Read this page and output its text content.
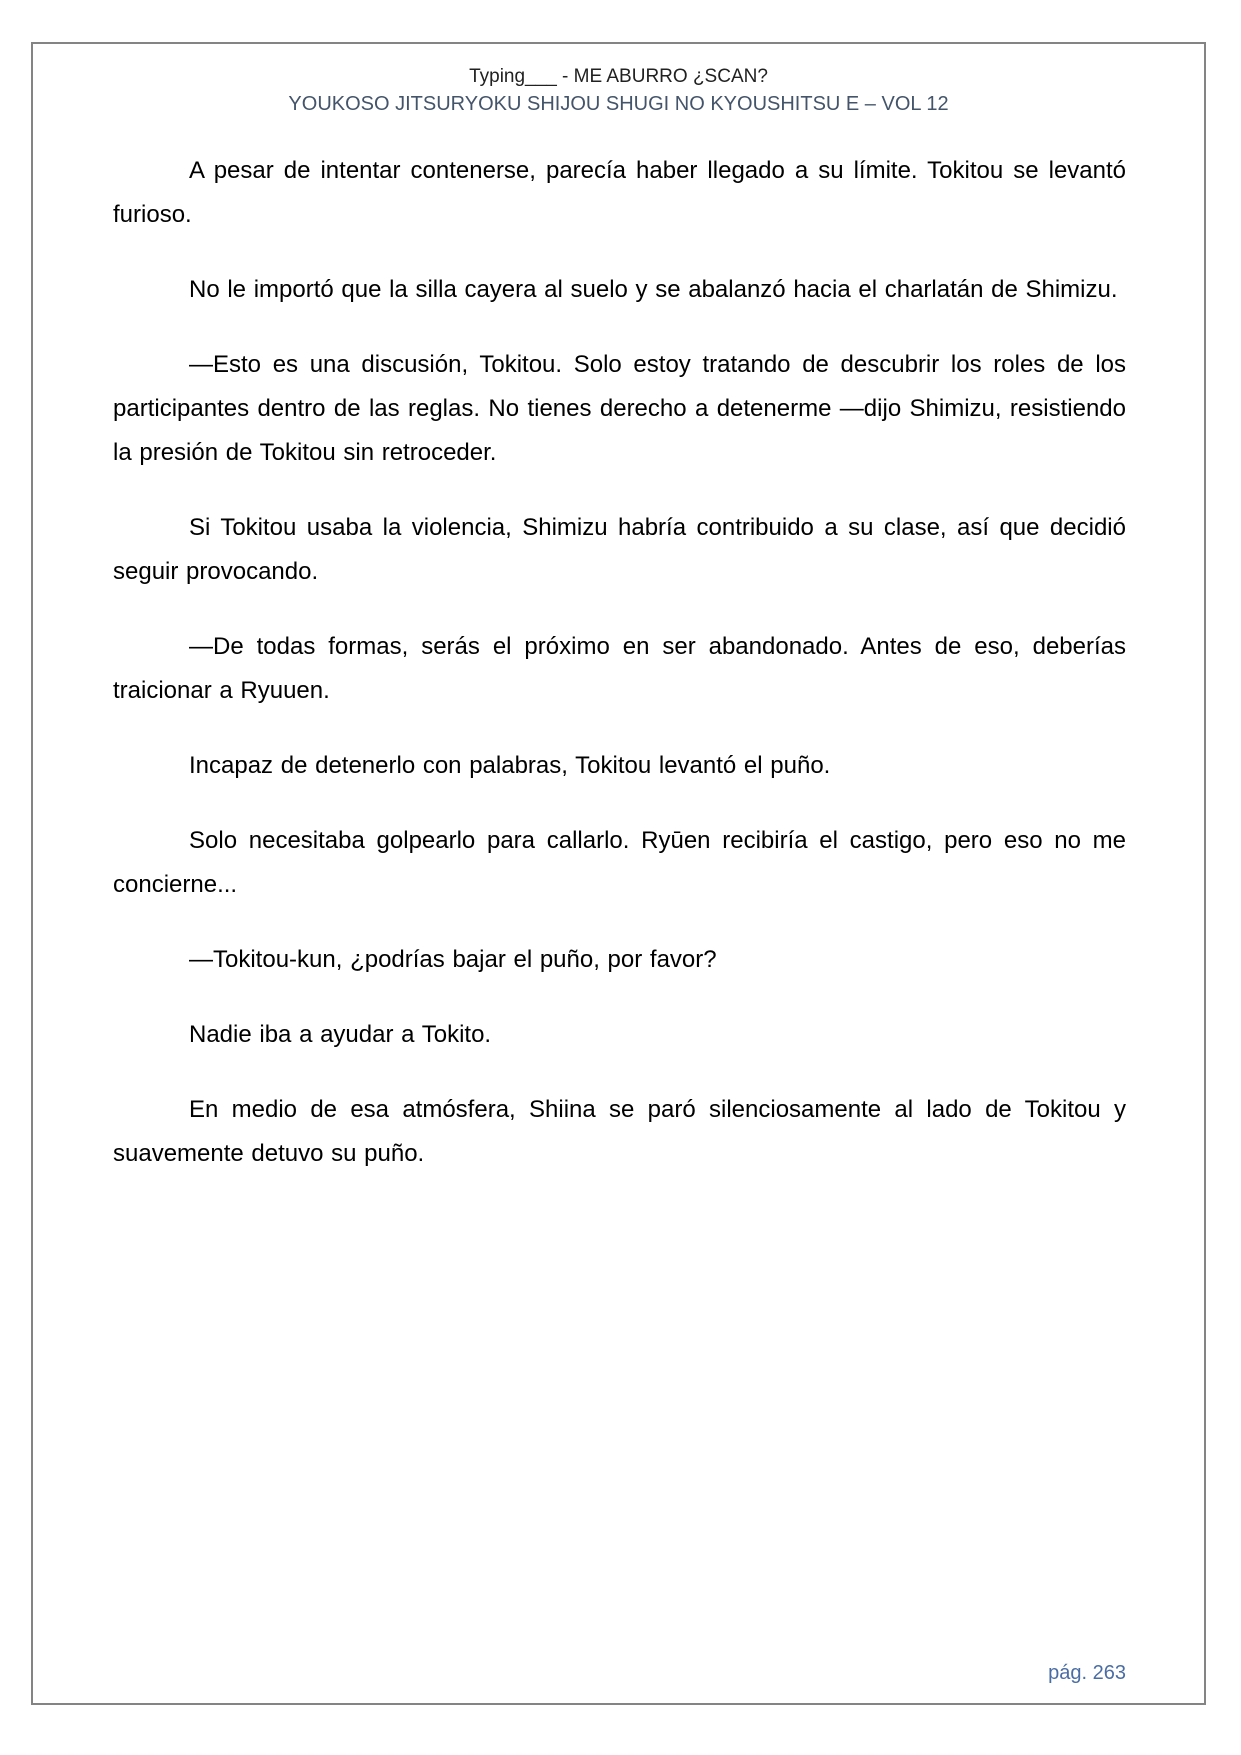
Typing___ - ME ABURRO ¿SCAN?
YOUKOSO JITSURYOKU SHIJOU SHUGI NO KYOUSHITSU E – VOL 12

A pesar de intentar contenerse, parecía haber llegado a su límite. Tokitou se levantó furioso.

No le importó que la silla cayera al suelo y se abalanzó hacia el charlatán de Shimizu.

—Esto es una discusión, Tokitou. Solo estoy tratando de descubrir los roles de los participantes dentro de las reglas. No tienes derecho a detenerme —dijo Shimizu, resistiendo la presión de Tokitou sin retroceder.

Si Tokitou usaba la violencia, Shimizu habría contribuido a su clase, así que decidió seguir provocando.

—De todas formas, serás el próximo en ser abandonado. Antes de eso, deberías traicionar a Ryuuen.

Incapaz de detenerlo con palabras, Tokitou levantó el puño.

Solo necesitaba golpearlo para callarlo. Ryūen recibiría el castigo, pero eso no me concierne...

—Tokitou-kun, ¿podrías bajar el puño, por favor?

Nadie iba a ayudar a Tokito.

En medio de esa atmósfera, Shiina se paró silenciosamente al lado de Tokitou y suavemente detuvo su puño.

pág. 263
